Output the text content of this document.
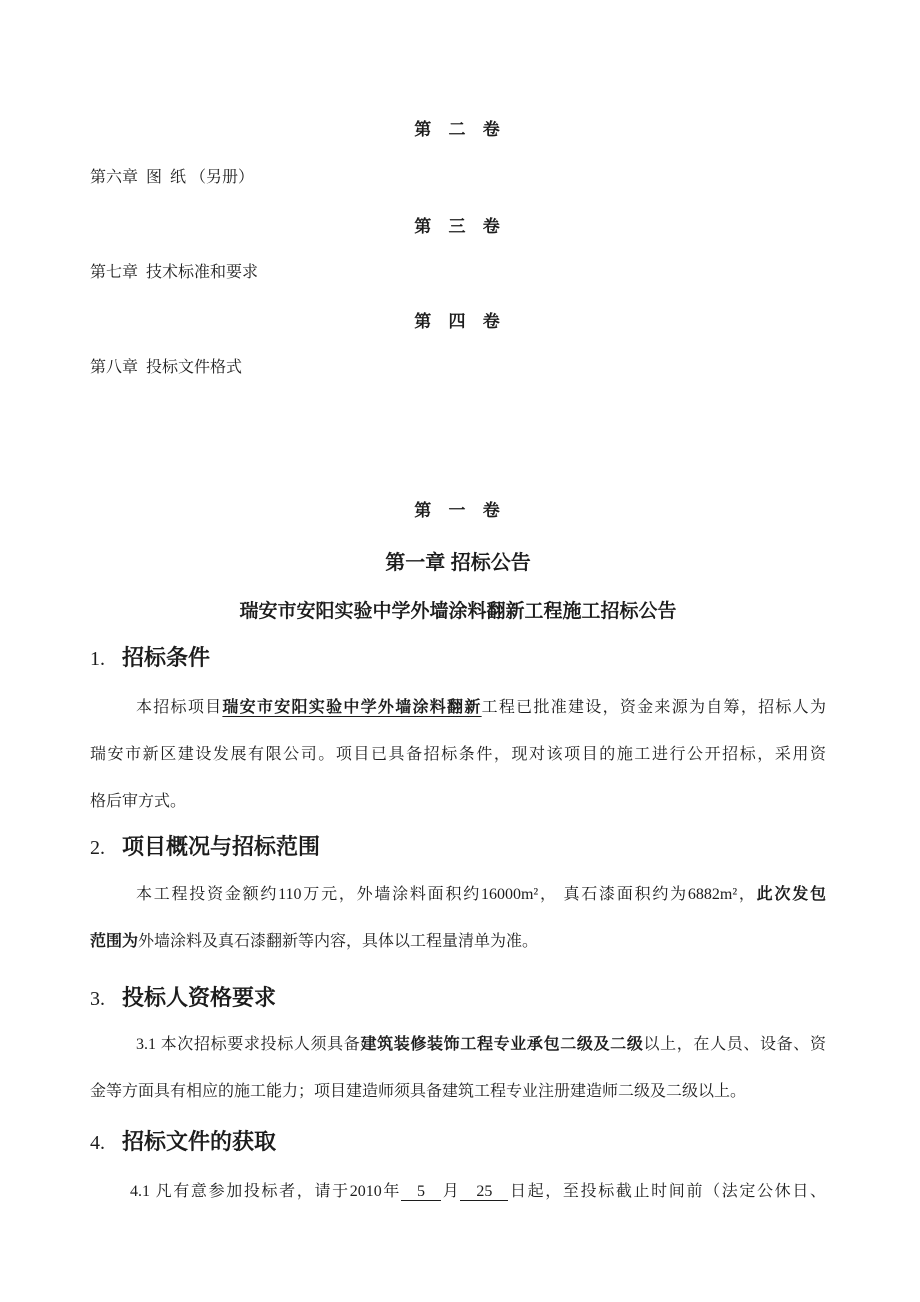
第 二 卷
第六章  图  纸 （另册）
第 三 卷
第七章  技术标准和要求
第 四 卷
第八章  投标文件格式
第 一 卷
第一章 招标公告
瑞安市安阳实验中学外墙涂料翻新工程施工招标公告
1. 招标条件
本招标项目瑞安市安阳实验中学外墙涂料翻新工程已批准建设，资金来源为自筹，招标人为
瑞安市新区建设发展有限公司。项目已具备招标条件，现对该项目的施工进行公开招标，采用资
格后审方式。
2. 项目概况与招标范围
本工程投资金额约110万元，外墙涂料面积约16000m²， 真石漆面积约为6882m²，此次发包
范围为外墙涂料及真石漆翻新等内容，具体以工程量清单为准。
3. 投标人资格要求
3.1 本次招标要求投标人须具备建筑装修装饰工程专业承包二级及二级以上，在人员、设备、资
金等方面具有相应的施工能力；项目建造师须具备建筑工程专业注册建造师二级及二级以上。
4. 招标文件的获取
4.1 凡有意参加投标者，请于2010年 5 月 25 日起，至投标截止时间前（法定公休日、
